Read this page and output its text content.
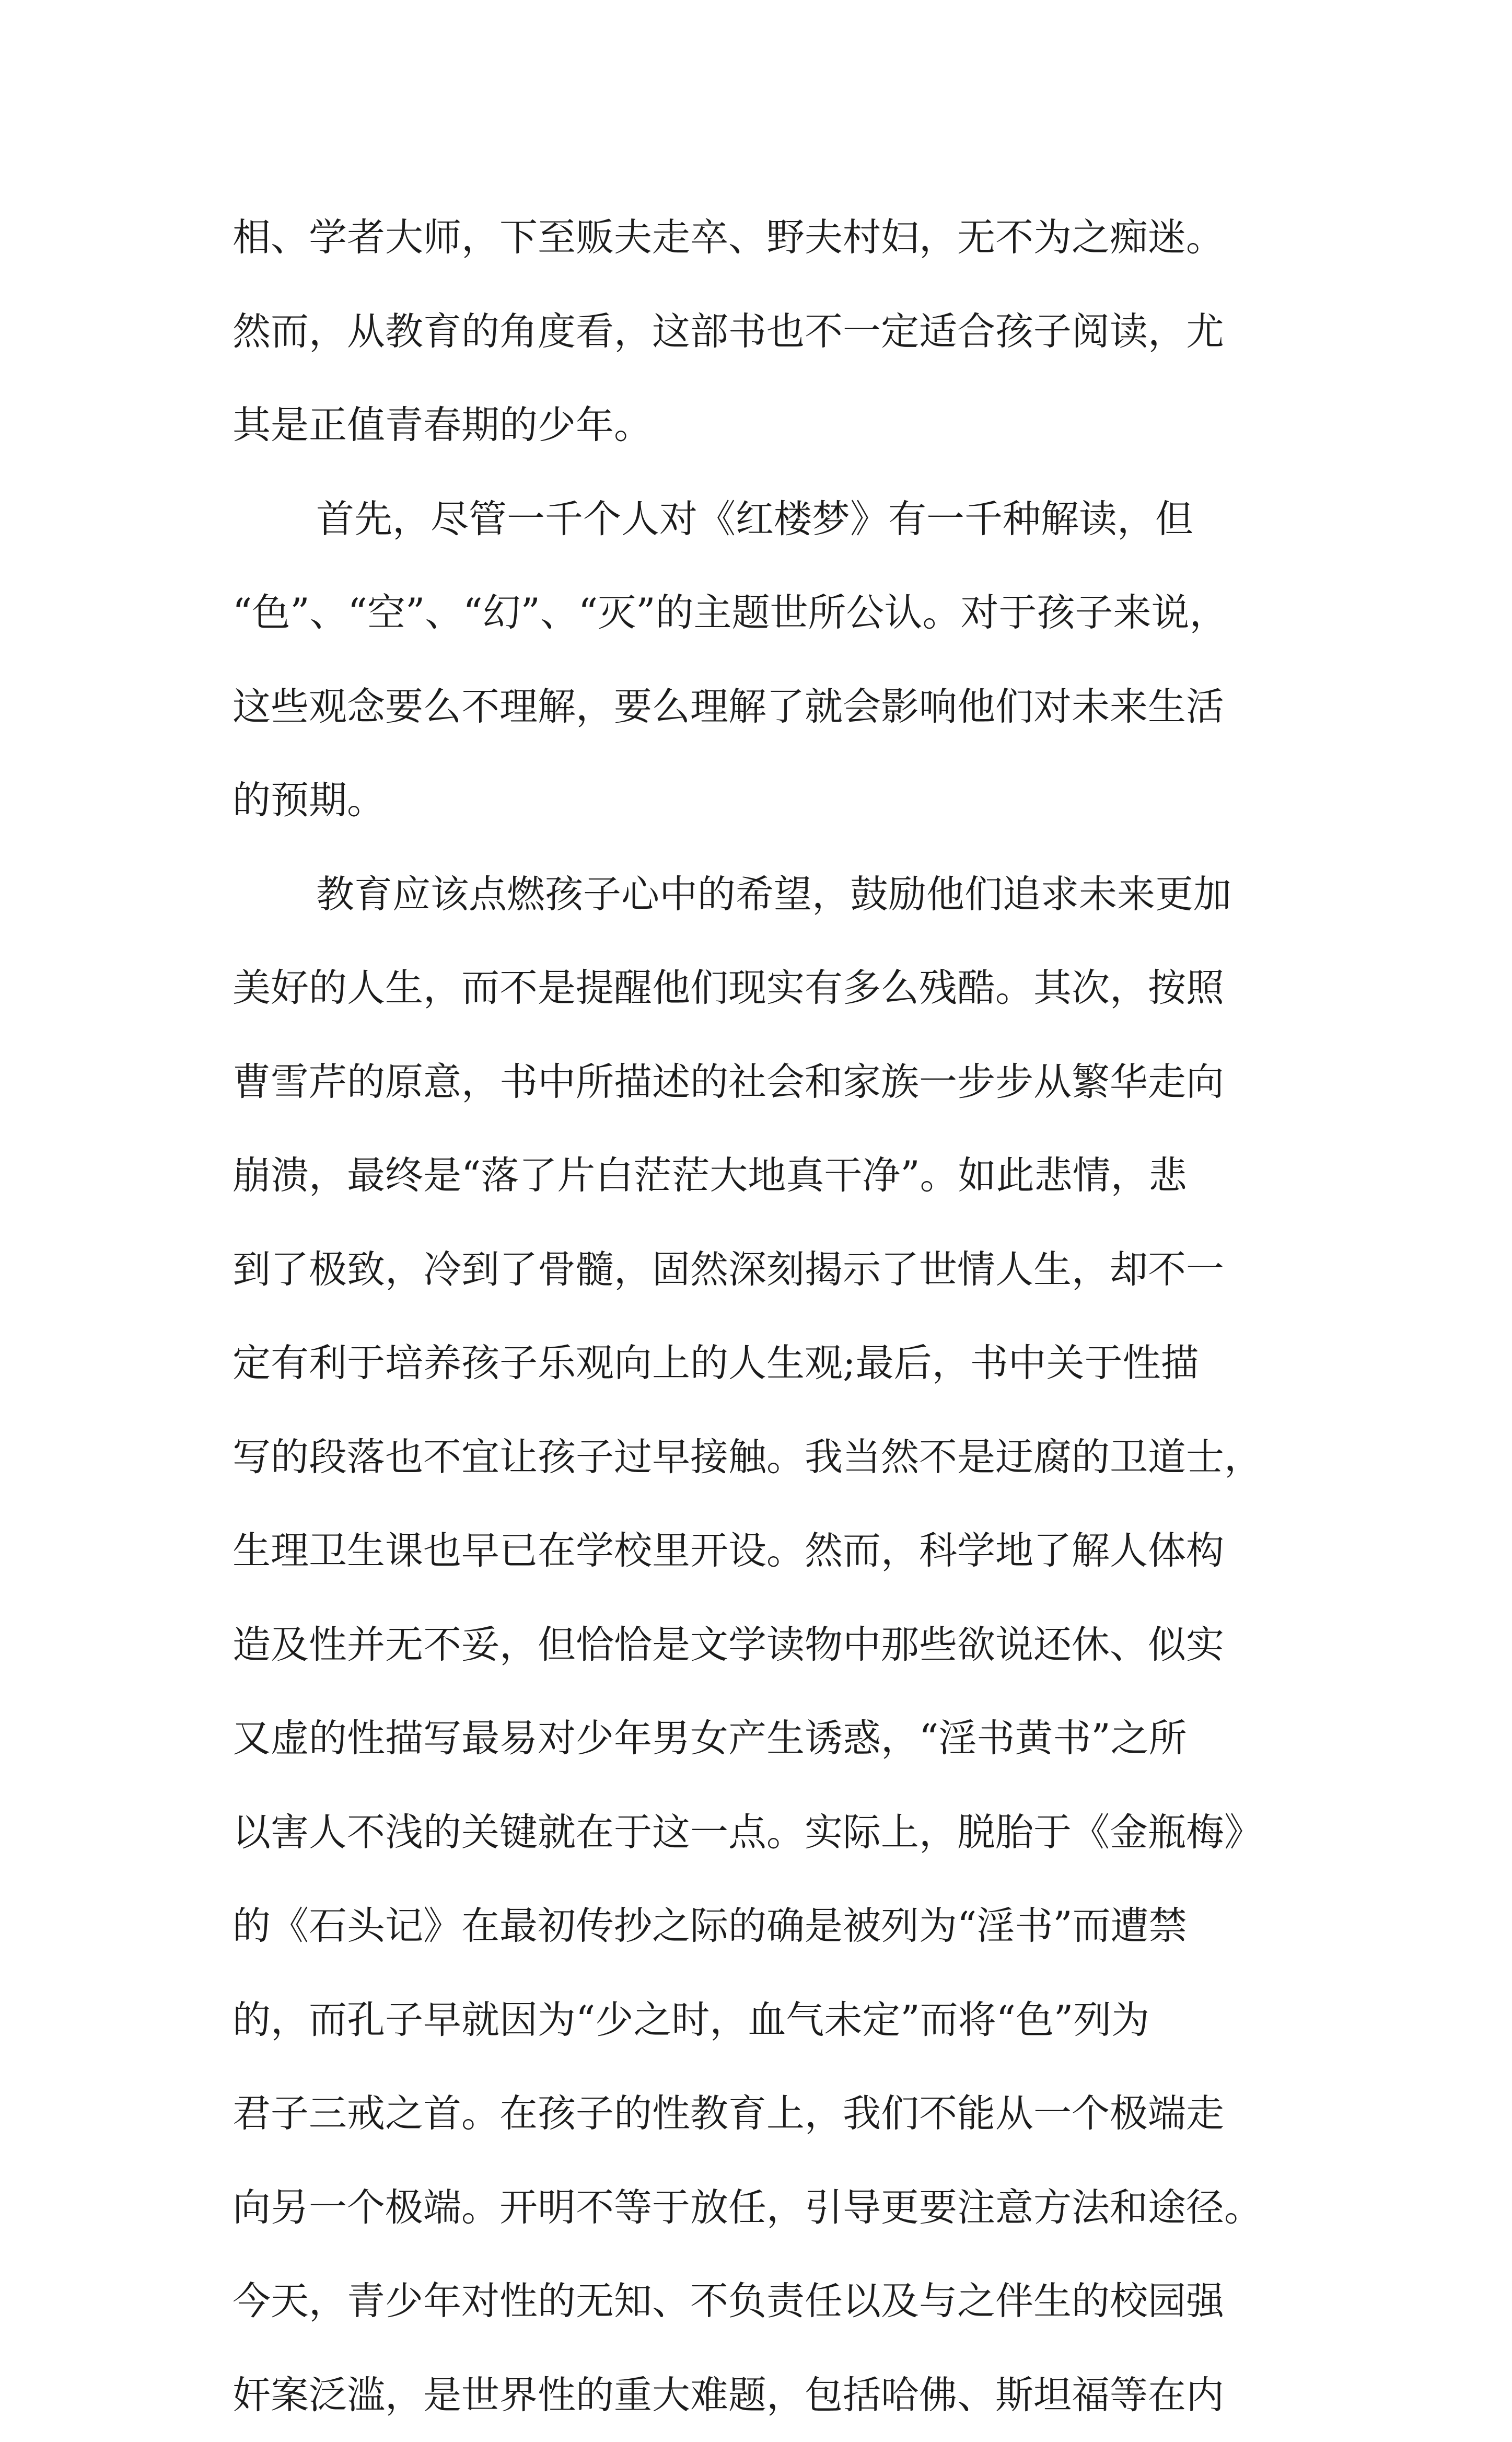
相、学者大师，下至贩夫走卒、野夫村妇，无不为之痴迷。
然而，从教育的角度看，这部书也不一定适合孩子阅读，尤
其是正值青春期的少年。
首先，尽管一千个人对《红楼梦》有一千种解读，但
“色”、“空”、“幻”、“灭”的主题世所公认。对于孩子来说，
这些观念要么不理解，要么理解了就会影响他们对未来生活
的预期。
教育应该点燃孩子心中的希望，鼓励他们追求未来更加
美好的人生，而不是提醒他们现实有多么残酷。其次，按照
曹雪芹的原意，书中所描述的社会和家族一步步从繁华走向
崩溃，最终是“落了片白茫茫大地真干净”。如此悲情，悲
到了极致，冷到了骨髓，固然深刻揭示了世情人生，却不一
定有利于培养孩子乐观向上的人生观;最后，书中关于性描
写的段落也不宜让孩子过早接触。我当然不是迂腐的卫道士，
生理卫生课也早已在学校里开设。然而，科学地了解人体构
造及性并无不妥，但恰恰是文学读物中那些欲说还休、似实
又虚的性描写最易对少年男女产生诱惑，“淫书黄书”之所
以害人不浅的关键就在于这一点。实际上，脱胎于《金瓶梅》
的《石头记》在最初传抄之际的确是被列为“淫书”而遭禁
的，而孔子早就因为“少之时，血气未定”而将“色”列为
君子三戒之首。在孩子的性教育上，我们不能从一个极端走
向另一个极端。开明不等于放任，引导更要注意方法和途径。
今天，青少年对性的无知、不负责任以及与之伴生的校园强
奸案泛滥，是世界性的重大难题，包括哈佛、斯坦福等在内
